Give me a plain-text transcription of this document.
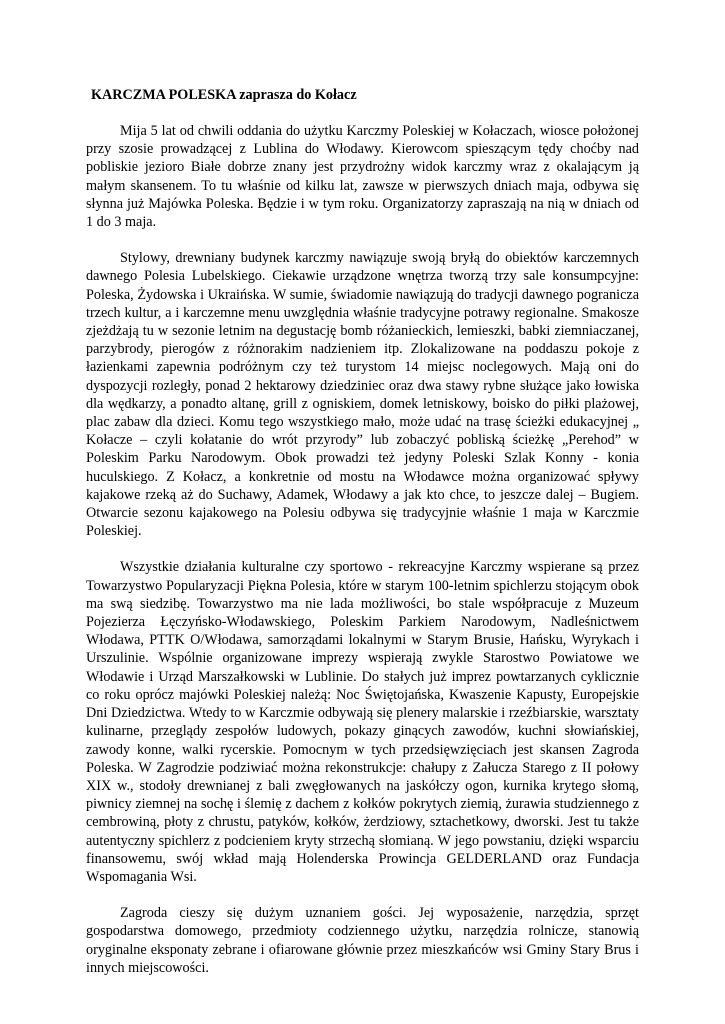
KARCZMA POLESKA zaprasza do Kołacz

Mija 5 lat od chwili oddania do użytku Karczmy Poleskiej w Kołaczach, wiosce położonej przy szosie prowadzącej z Lublina do Włodawy. Kierowcom spieszącym tędy choćby nad pobliskie jezioro Białe dobrze znany jest przydrożny widok karczmy wraz z okalającym ją małym skansenem. To tu właśnie od kilku lat, zawsze w pierwszych dniach maja, odbywa się słynna już Majówka Poleska. Będzie i w tym roku. Organizatorzy zapraszają na nią w dniach od 1 do 3 maja.

Stylowy, drewniany budynek karczmy nawiązuje swoją bryłą do obiektów karczemnych dawnego Polesia Lubelskiego. Ciekawie urządzone wnętrza tworzą trzy sale konsumpcyjne: Poleska, Żydowska i Ukraińska. W sumie, świadomie nawiązują do tradycji dawnego pogranicza trzech kultur, a i karczemne menu uwzględnia właśnie tradycyjne potrawy regionalne. Smakosze zjeżdżają tu w sezonie letnim na degustację bomb różanieckich, lemieszki, babki ziemniaczanej, parzybrody, pierogów z różnorakim nadzieniem itp. Zlokalizowane na poddaszu pokoje z łazienkami zapewnia podróżnym czy też turystom 14 miejsc noclegowych. Mają oni do dyspozycji rozległy, ponad 2 hektarowy dziedziniec oraz dwa stawy rybne służące jako łowiska dla wędkarzy, a ponadto altanę, grill z ogniskiem, domek letniskowy, boisko do piłki plażowej, plac zabaw dla dzieci. Komu tego wszystkiego mało, może udać na trasę ścieżki edukacyjnej „ Kołacze – czyli kołatanie do wrót przyrody” lub zobaczyć pobliską ścieżkę „Perehod” w Poleskim Parku Narodowym. Obok prowadzi też jedyny Poleski Szlak Konny - konia huculskiego. Z Kołacz, a konkretnie od mostu na Włodawce można organizować spływy kajakowe rzeką aż do Suchawy, Adamek, Włodawy a jak kto chce, to jeszcze dalej – Bugiem. Otwarcie sezonu kajakowego na Polesiu odbywa się tradycyjnie właśnie 1 maja w Karczmie Poleskiej.

Wszystkie działania kulturalne czy sportowo - rekreacyjne Karczmy wspierane są przez Towarzystwo Popularyzacji Piękna Polesia, które w starym 100-letnim spichlerzu stojącym obok ma swą siedzibę. Towarzystwo ma nie lada możliwości, bo stale współpracuje z Muzeum Pojezierza Łęczyńsko-Włodawskiego, Poleskim Parkiem Narodowym, Nadleśnictwem Włodawa, PTTK O/Włodawa, samorządami lokalnymi w Starym Brusie, Hańsku, Wyrykach i Urszulinie. Wspólnie organizowane imprezy wspierają zwykle Starostwo Powiatowe we Włodawie i Urząd Marszałkowski w Lublinie. Do stałych już imprez powtarzanych cyklicznie co roku oprócz majówki Poleskiej należą: Noc Świętojańska, Kwaszenie Kapusty, Europejskie Dni Dziedzictwa. Wtedy to w Karczmie odbywają się plenery malarskie i rzeźbiarskie, warsztaty kulinarne, przeglądy zespołów ludowych, pokazy ginących zawodów, kuchni słowiańskiej, zawody konne, walki rycerskie. Pomocnym w tych przedsięwzięciach jest skansen Zagroda Poleska. W Zagrodzie podziwiać można rekonstrukcje: chałupy z Załucza Starego z II połowy XIX w., stodoły drewnianej z bali zwęgłowanych na jaskółczy ogon, kurnika krytego słomą, piwnicy ziemnej na sochę i ślemię z dachem z kołków pokrytych ziemią, żurawia studziennego z cembrowiną, płoty z chrustu, patyków, kołków, żerdziowy, sztachetkowy, dworski. Jest tu także autentyczny spichlerz z podcieniem kryty strzechą słomianą. W jego powstaniu, dzięki wsparciu finansowemu, swój wkład mają Holenderska Prowincja GELDERLAND oraz Fundacja Wspomagania Wsi.

Zagroda cieszy się dużym uznaniem gości. Jej wyposażenie, narzędzia, sprzęt gospodarstwa domowego, przedmioty codziennego użytku, narzędzia rolnicze, stanowią oryginalne eksponaty zebrane i ofiarowane głównie przez mieszkańców wsi Gminy Stary Brus i innych miejscowości.
